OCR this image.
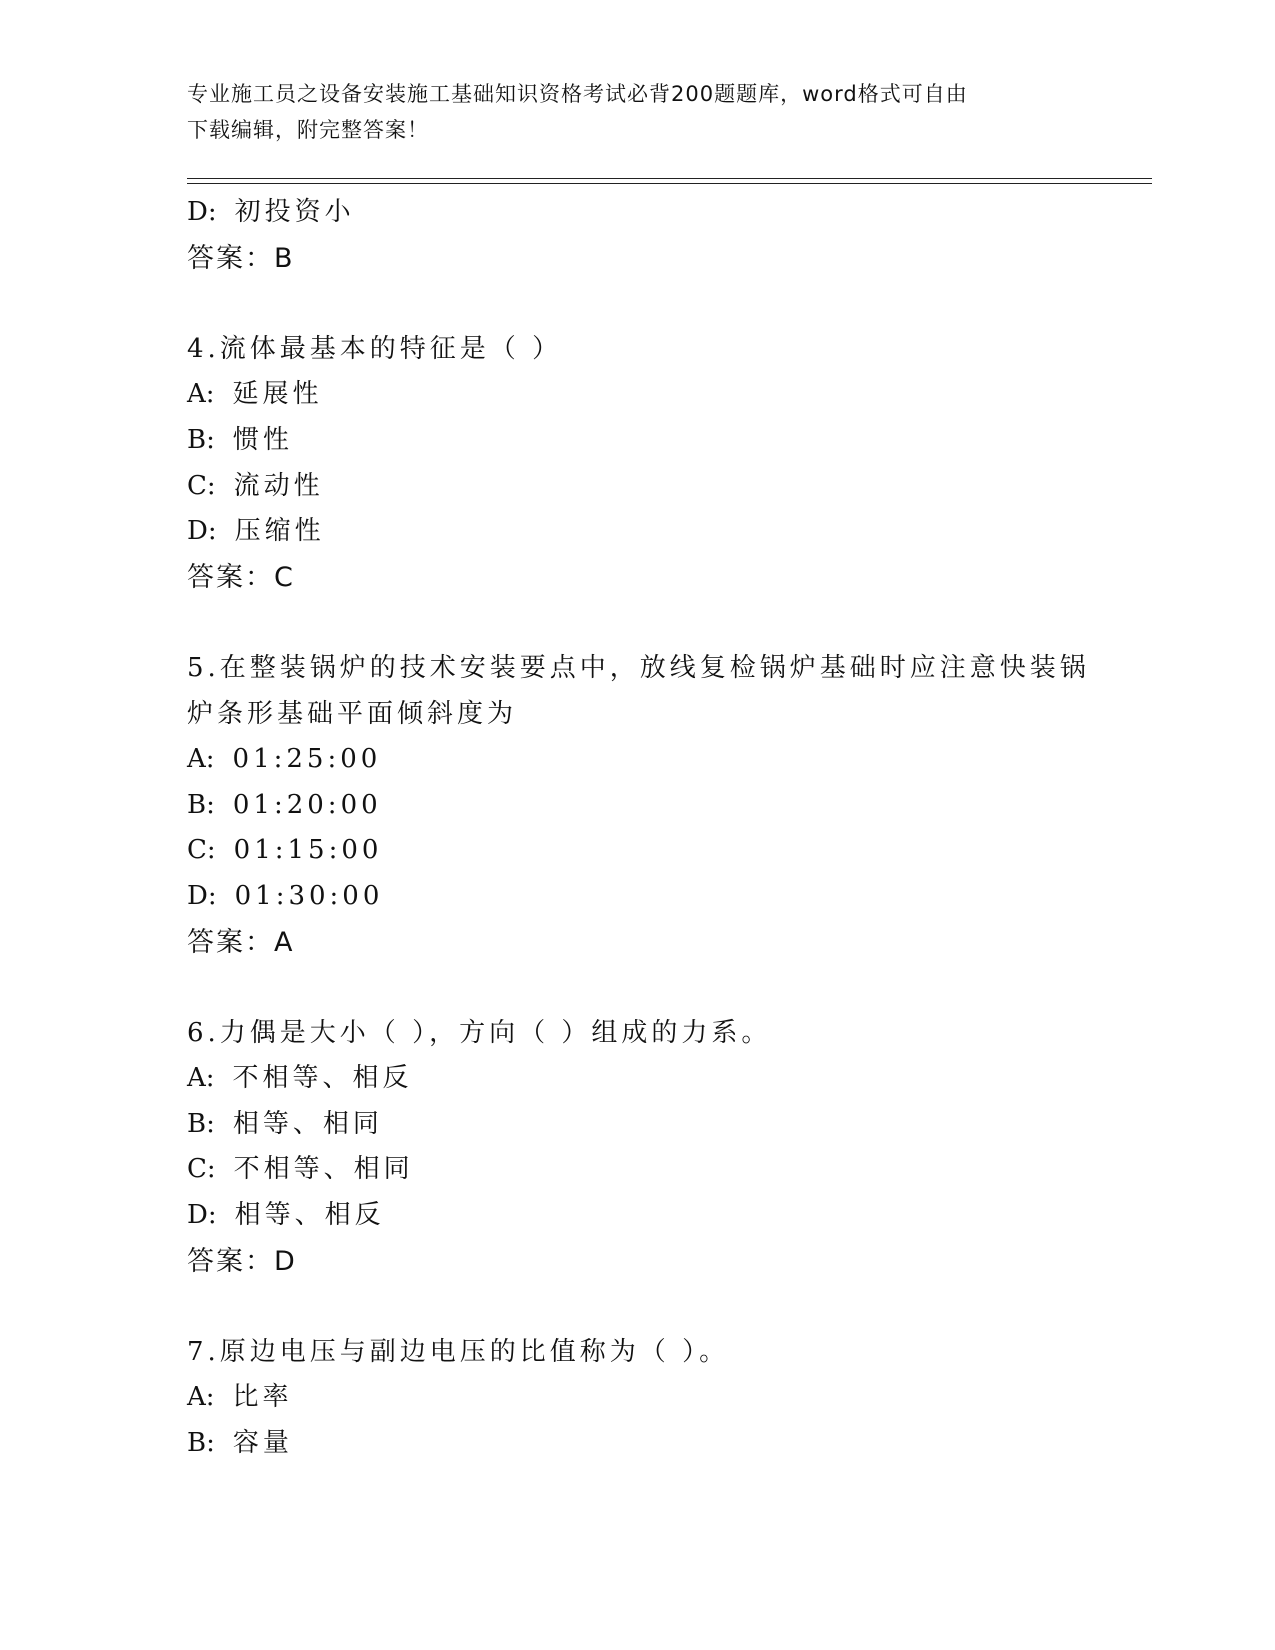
专业施工员之设备安装施工基础知识资格考试必背200题题库，word格式可自由
下载编辑，附完整答案！
D: 初投资小
答案：B
4.流体最基本的特征是（ ）
A: 延展性
B: 惯性
C: 流动性
D: 压缩性
答案：C
5.在整装锅炉的技术安装要点中，放线复检锅炉基础时应注意快装锅
炉条形基础平面倾斜度为
A: 01:25:00
B: 01:20:00
C: 01:15:00
D: 01:30:00
答案：A
6.力偶是大小（ ），方向（ ）组成的力系。
A: 不相等、相反
B: 相等、相同
C: 不相等、相同
D: 相等、相反
答案：D
7.原边电压与副边电压的比值称为（ ）。
A: 比率
B: 容量
